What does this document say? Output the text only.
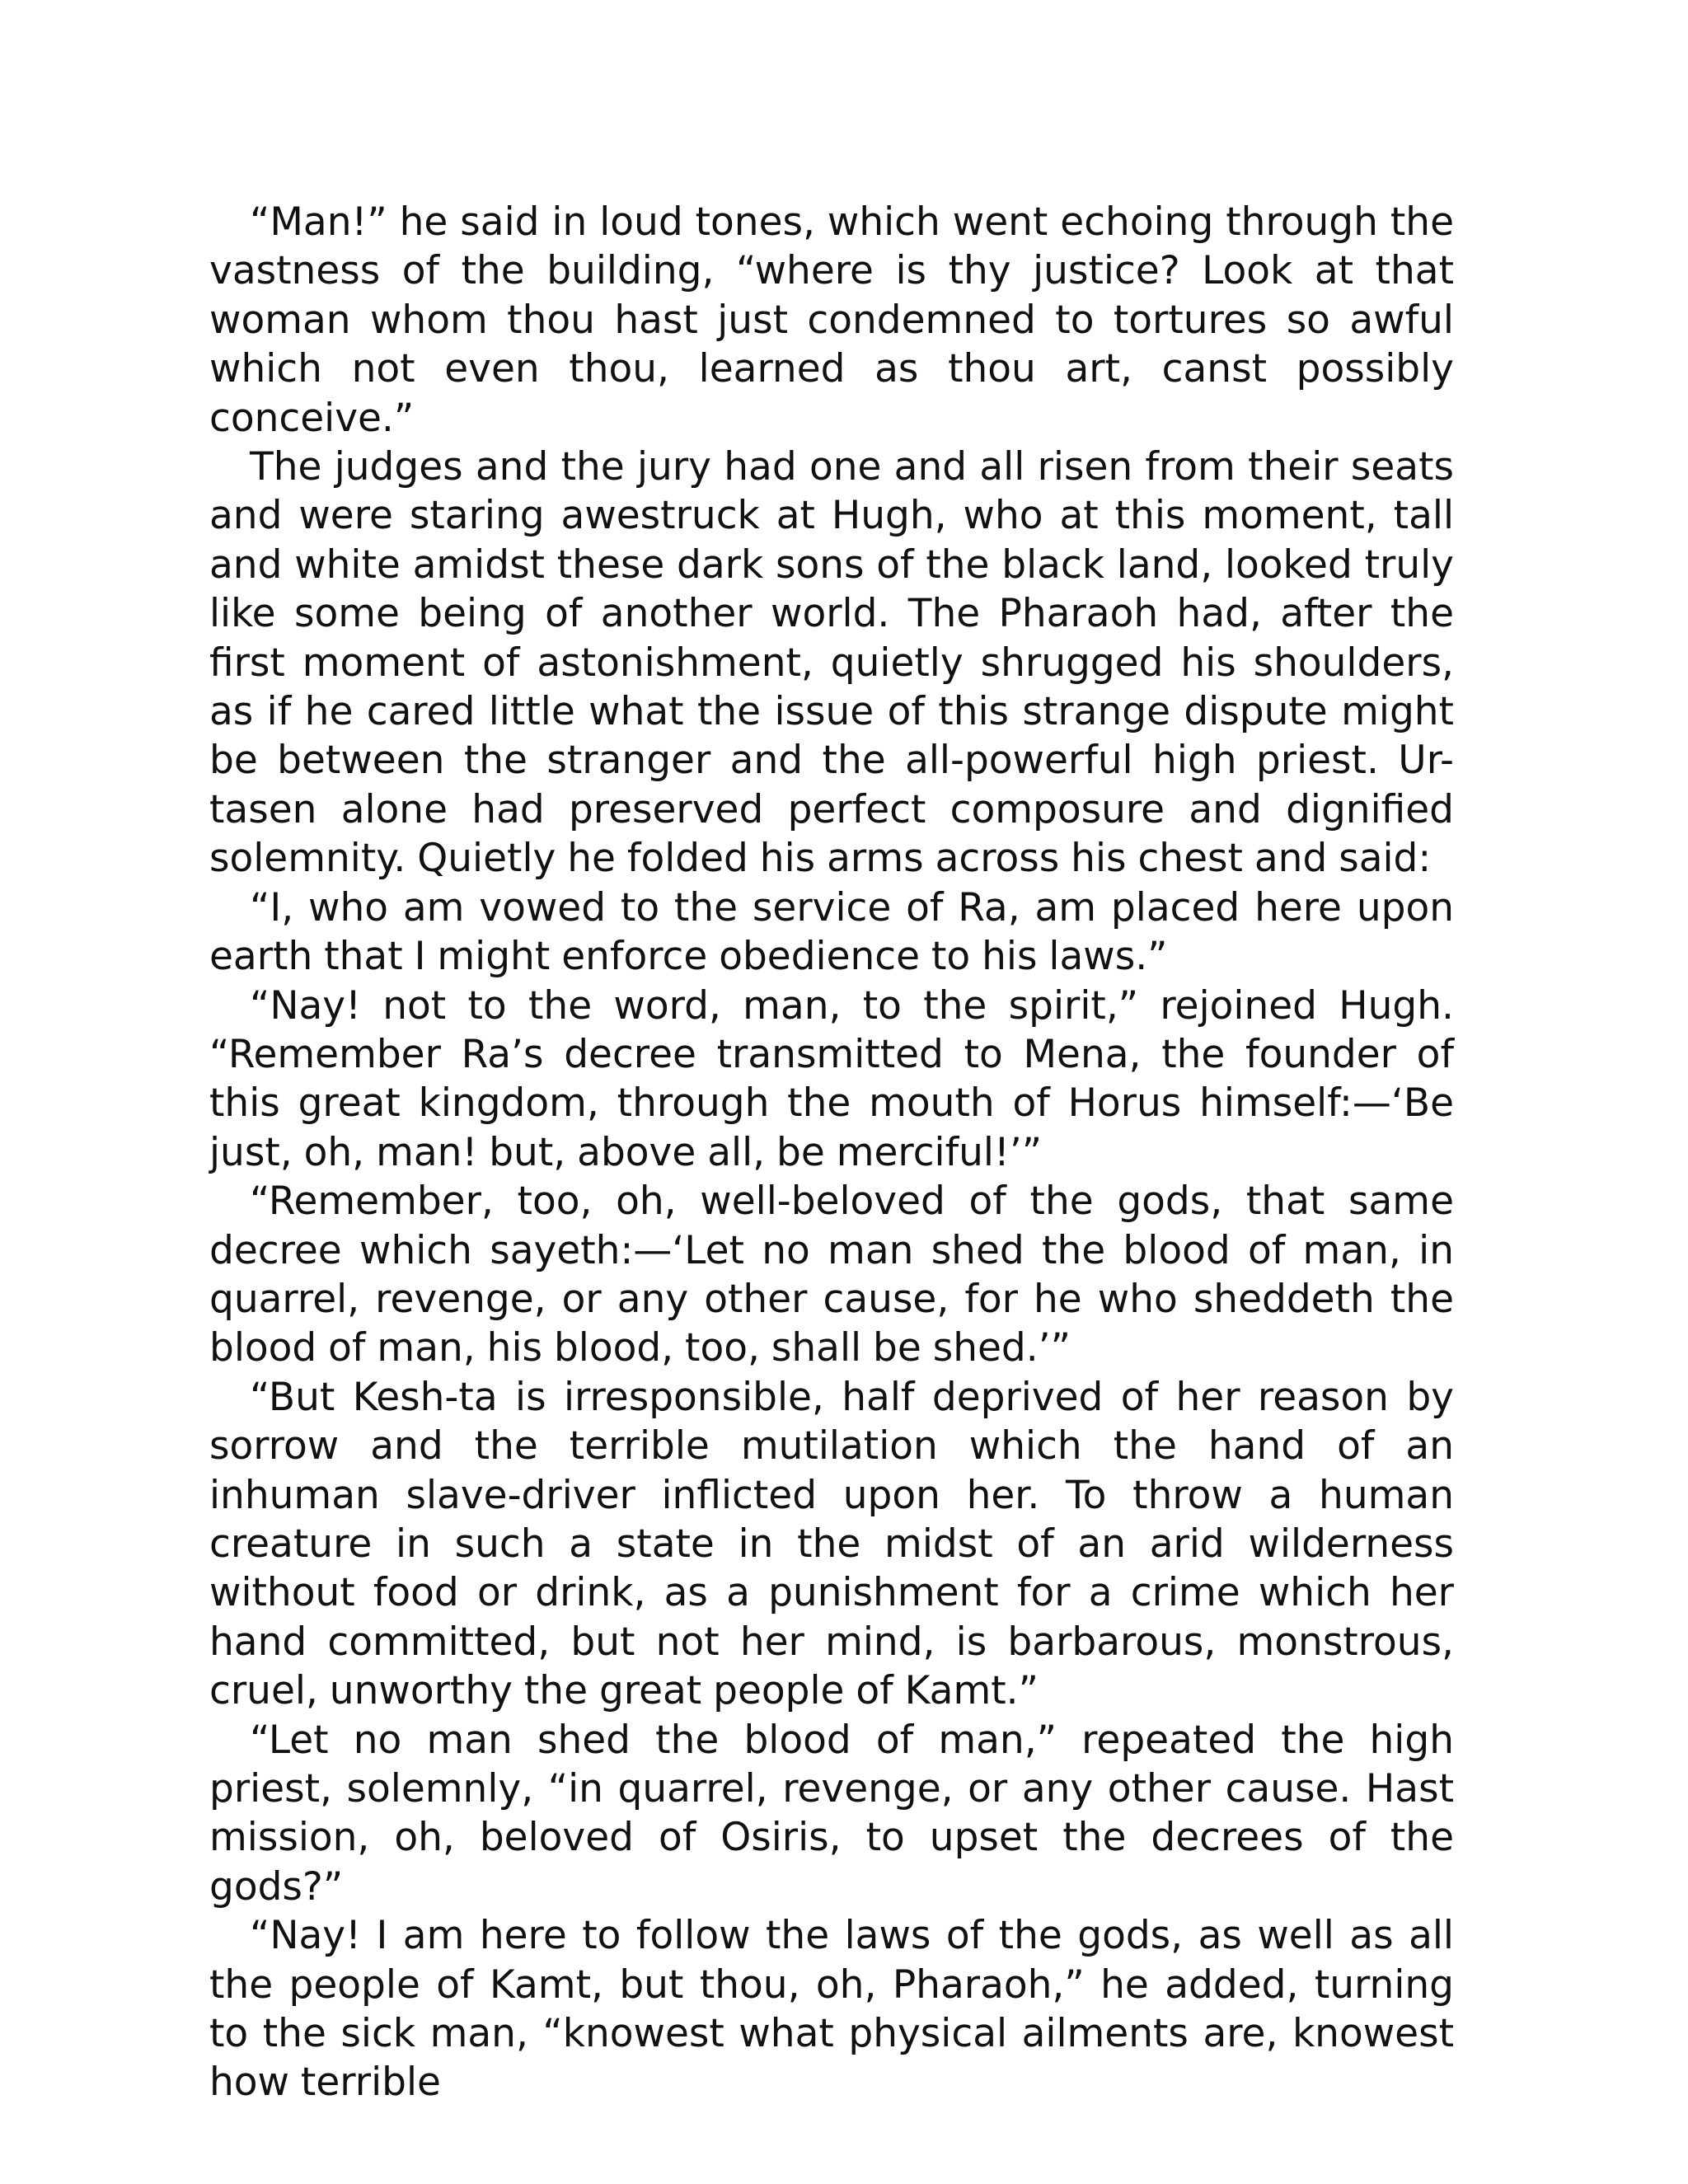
“Man!” he said in loud tones, which went echoing through the vastness of the building, “where is thy justice? Look at that woman whom thou hast just condemned to tortures so awful which not even thou, learned as thou art, canst possibly conceive.”

The judges and the jury had one and all risen from their seats and were staring awestruck at Hugh, who at this moment, tall and white amidst these dark sons of the black land, looked truly like some being of another world. The Pharaoh had, after the first moment of astonishment, quietly shrugged his shoulders, as if he cared little what the issue of this strange dispute might be between the stranger and the all-powerful high priest. Ur-tasen alone had preserved perfect composure and dignified solemnity. Quietly he folded his arms across his chest and said:

“I, who am vowed to the service of Ra, am placed here upon earth that I might enforce obedience to his laws.”

“Nay! not to the word, man, to the spirit,” rejoined Hugh. “Remember Ra’s decree transmitted to Mena, the founder of this great kingdom, through the mouth of Horus himself:—‘Be just, oh, man! but, above all, be merciful!’”

“Remember, too, oh, well-beloved of the gods, that same decree which sayeth:—‘Let no man shed the blood of man, in quarrel, revenge, or any other cause, for he who sheddeth the blood of man, his blood, too, shall be shed.’”

“But Kesh-ta is irresponsible, half deprived of her reason by sorrow and the terrible mutilation which the hand of an inhuman slave-driver inflicted upon her. To throw a human creature in such a state in the midst of an arid wilderness without food or drink, as a punishment for a crime which her hand committed, but not her mind, is barbarous, monstrous, cruel, unworthy the great people of Kamt.”

“Let no man shed the blood of man,” repeated the high priest, solemnly, “in quarrel, revenge, or any other cause. Hast mission, oh, beloved of Osiris, to upset the decrees of the gods?”

“Nay! I am here to follow the laws of the gods, as well as all the people of Kamt, but thou, oh, Pharaoh,” he added, turning to the sick man, “knowest what physical ailments are, knowest how terrible
